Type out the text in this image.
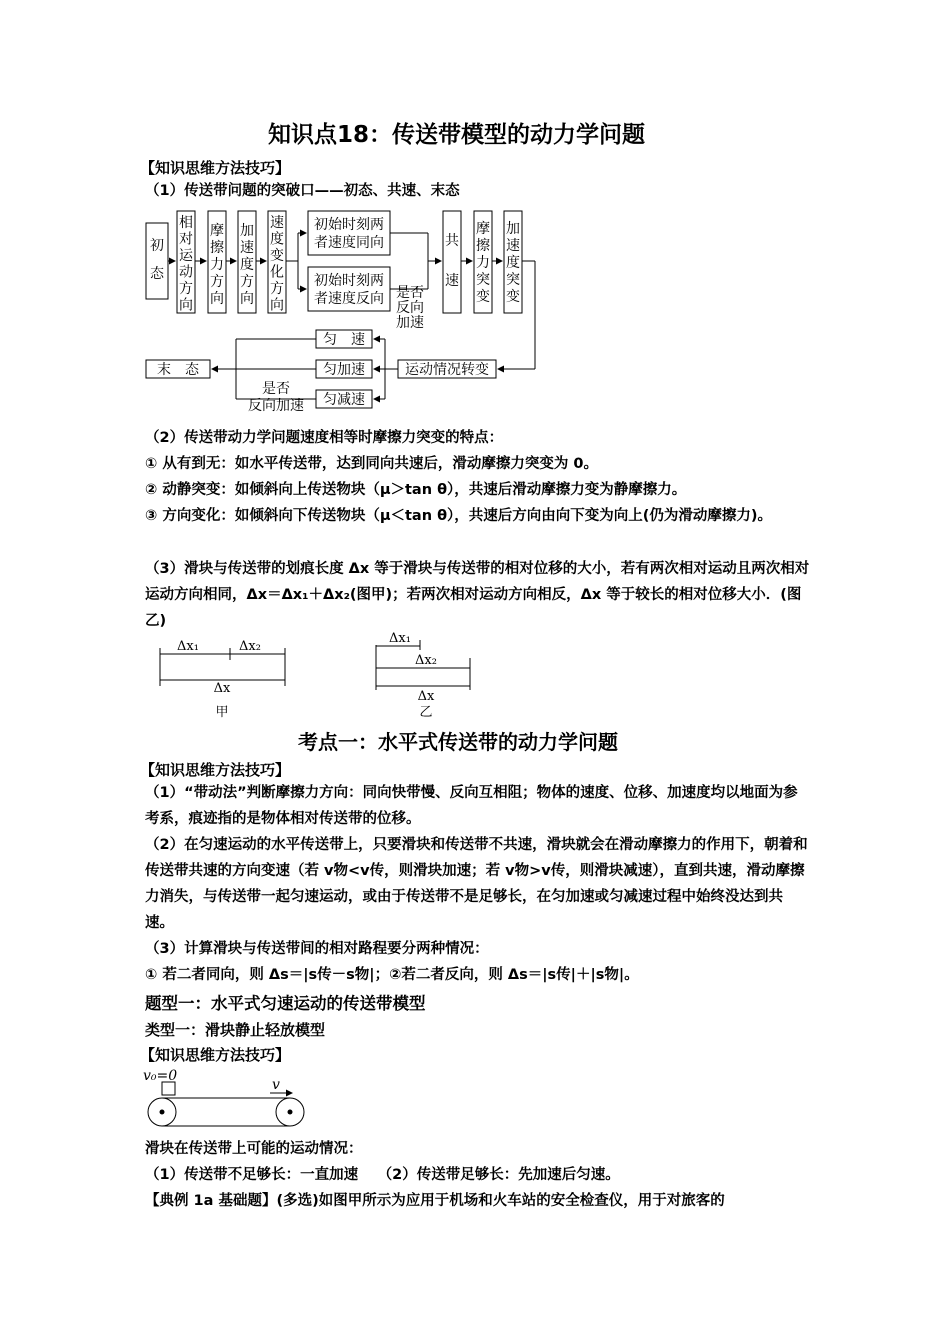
知识点18：传送带模型的动力学问题
【知识思维方法技巧】
（1）传送带问题的突破口——初态、共速、末态
初
态
相
对
运
动
方
向
摩
擦
力
方
向
加
速
度
方
向
速
度
变
化
方
向
初始时刻两
者速度同向
初始时刻两
者速度反向 是否
反向
加速
共
速
摩
擦
力
突
变
加
速
度
突
变
匀　速
匀加速
匀减速
运动情况转变
末　态
是否
反向加速
（2）传送带动力学问题速度相等时摩擦力突变的特点：
① 从有到无：如水平传送带，达到同向共速后，滑动摩擦力突变为 0。
② 动静突变：如倾斜向上传送物块（μ＞tan θ），共速后滑动摩擦力变为静摩擦力。
③ 方向变化：如倾斜向下传送物块（μ＜tan θ），共速后方向由向下变为向上(仍为滑动摩擦力)。
（3）滑块与传送带的划痕长度 Δx 等于滑块与传送带的相对位移的大小，若有两次相对运动且两次相对运动方向相同，Δx＝Δx₁＋Δx₂(图甲)；若两次相对运动方向相反，Δx 等于较长的相对位移大小．(图乙)
Δx₁	Δx₂
Δx
甲
Δx₁
Δx₂
Δx
乙
考点一：水平式传送带的动力学问题
【知识思维方法技巧】
（1）“带动法”判断摩擦力方向：同向快带慢、反向互相阻；物体的速度、位移、加速度均以地面为参考系，痕迹指的是物体相对传送带的位移。
（2）在匀速运动的水平传送带上，只要滑块和传送带不共速，滑块就会在滑动摩擦力的作用下，朝着和传送带共速的方向变速（若 v物<v传，则滑块加速；若 v物>v传，则滑块减速），直到共速，滑动摩擦力消失，与传送带一起匀速运动，或由于传送带不是足够长，在匀加速或匀减速过程中始终没达到共速。
（3）计算滑块与传送带间的相对路程要分两种情况：
① 若二者同向，则 Δs＝|s传－s物|；②若二者反向，则 Δs＝|s传|＋|s物|。
题型一：水平式匀速运动的传送带模型
类型一：滑块静止轻放模型
【知识思维方法技巧】
v₀=0
v
滑块在传送带上可能的运动情况：
（1）传送带不足够长：一直加速　 （2）传送带足够长：先加速后匀速。
【典例 1a 基础题】(多选)如图甲所示为应用于机场和火车站的安全检查仪，用于对旅客的
